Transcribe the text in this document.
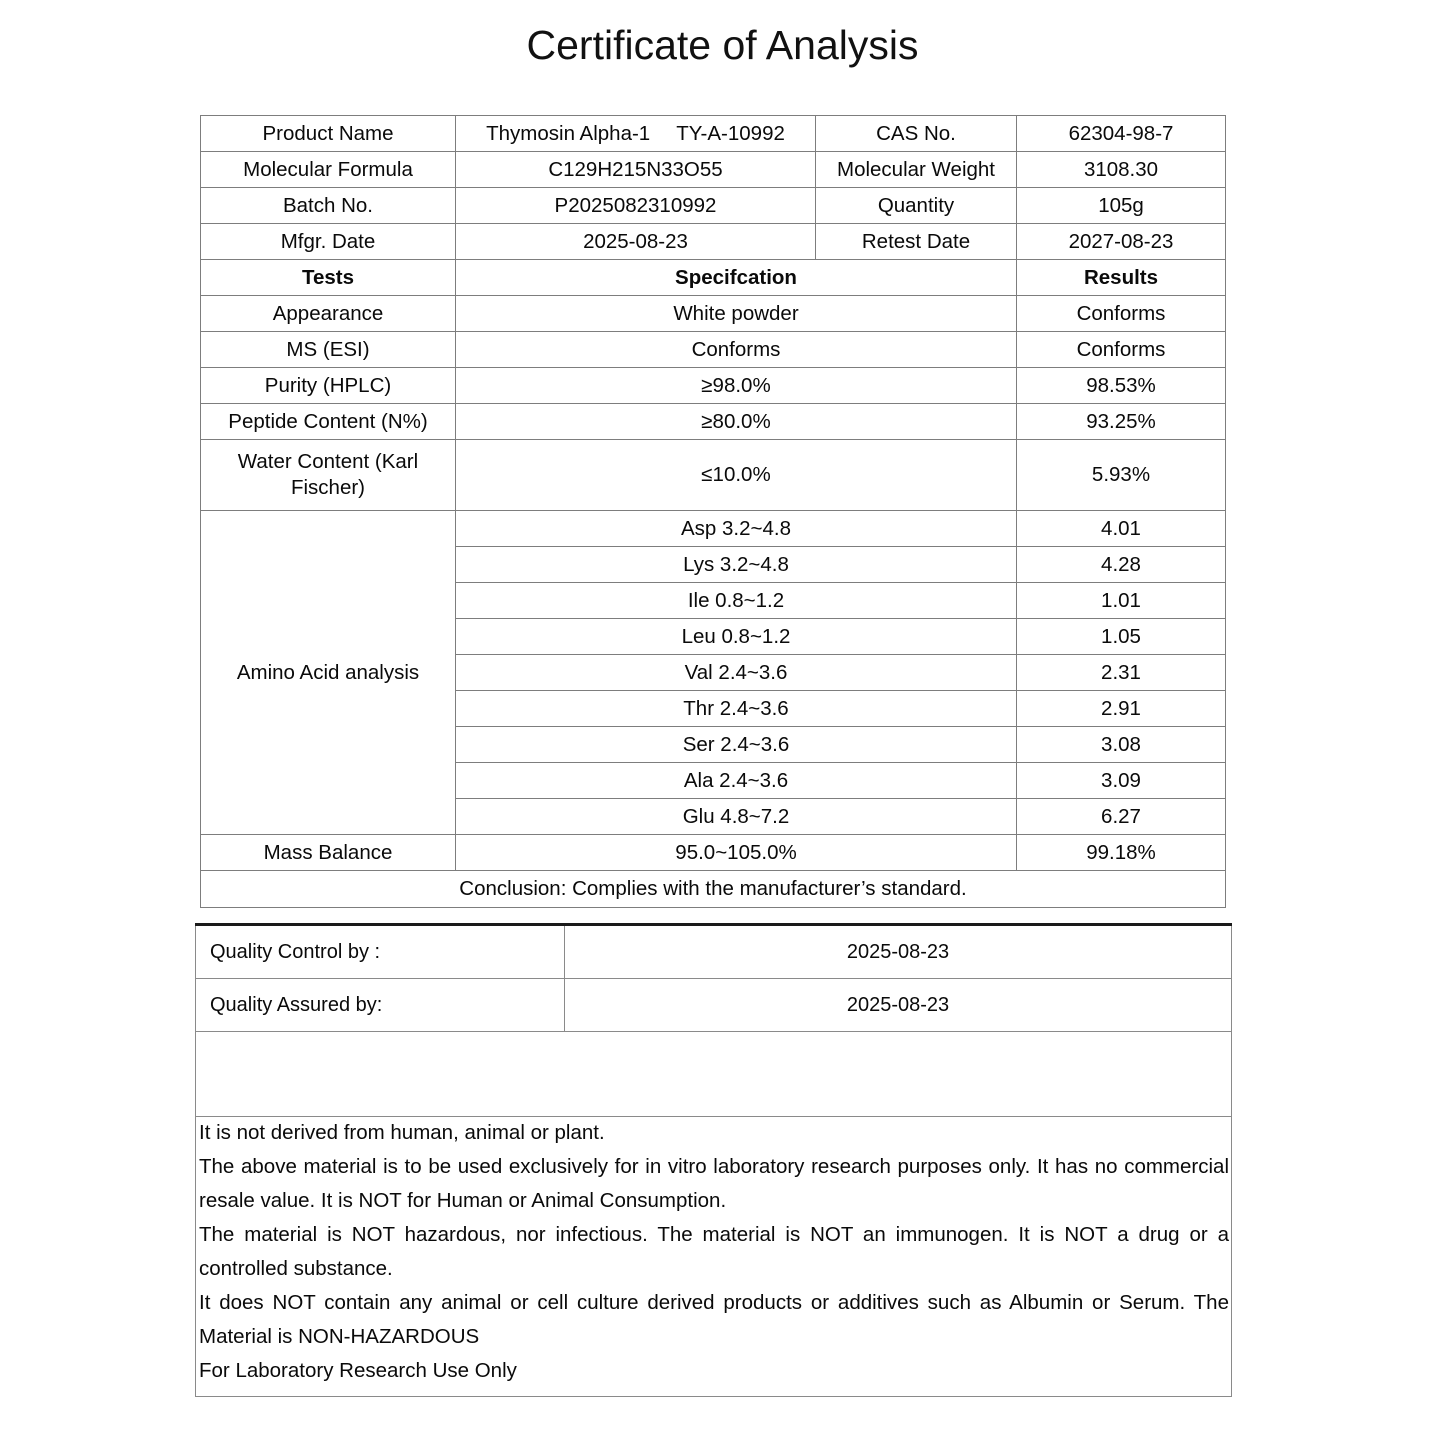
Certificate of Analysis
Product Name	Thymosin Alpha-1 TY-A-10992	CAS No.	62304-98-7
Molecular Formula	C129H215N33O55	Molecular Weight	3108.30
Batch No.	P2025082310992	Quantity	105g
Mfgr. Date	2025-08-23	Retest Date	2027-08-23
Tests	Specifcation		Results
Appearance	White powder		Conforms
MS (ESI)	Conforms		Conforms
Purity (HPLC)	≥98.0%		98.53%
Peptide Content (N%)	≥80.0%		93.25%
Water Content (Karl Fischer)	≤10.0%		5.93%
Amino Acid analysis	Asp 3.2~4.8		4.01
	Lys 3.2~4.8		4.28
	Ile 0.8~1.2		1.01
	Leu 0.8~1.2		1.05
	Val 2.4~3.6		2.31
	Thr 2.4~3.6		2.91
	Ser 2.4~3.6		3.08
	Ala 2.4~3.6		3.09
	Glu 4.8~7.2		6.27
Mass Balance	95.0~105.0%		99.18%
Conclusion: Complies with the manufacturer’s standard.			
Quality Control by :	2025-08-23
Quality Assured by:	2025-08-23

It is not derived from human, animal or plant.

The above material is to be used exclusively for in vitro laboratory research purposes only. It has no commercial resale value. It is NOT for Human or Animal Consumption.

The material is NOT hazardous, nor infectious. The material is NOT an immunogen. It is NOT a drug or a controlled substance.

It does NOT contain any animal or cell culture derived products or additives such as Albumin or Serum. The Material is NON-HAZARDOUS

For Laboratory Research Use Only
